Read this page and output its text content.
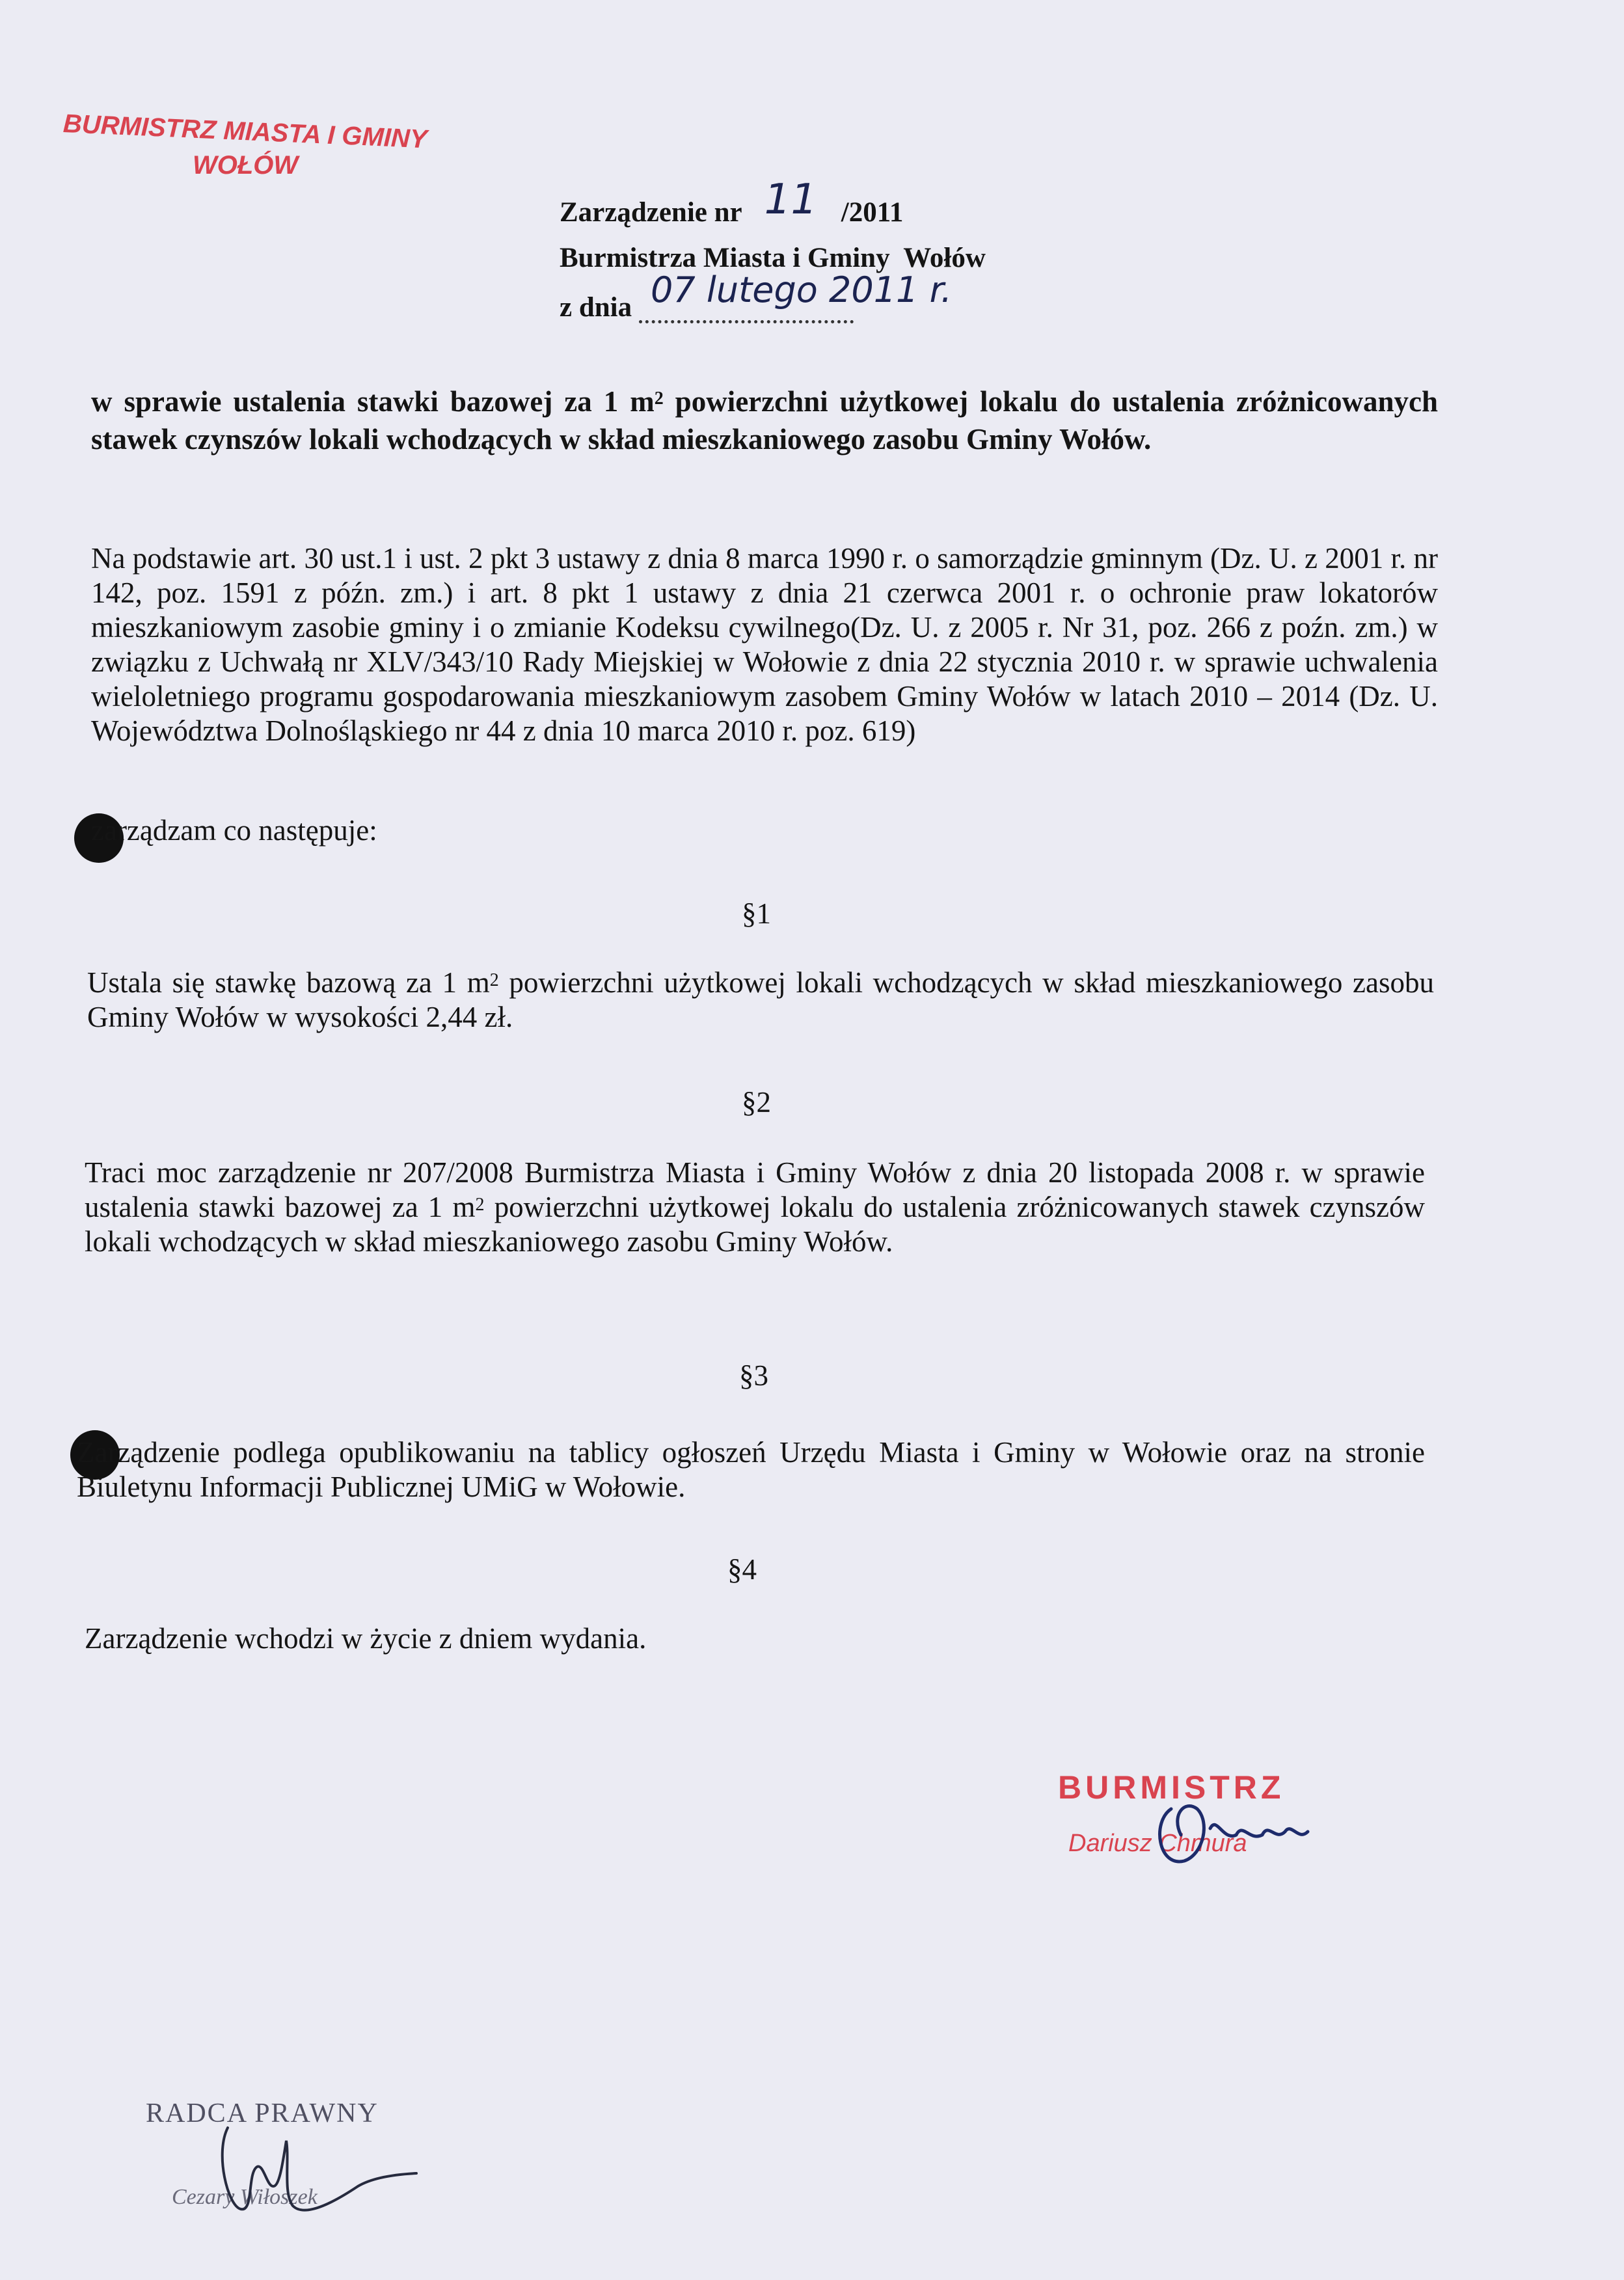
BURMISTRZ MIASTA I GMINY
WOŁÓW
Zarządzenie nr 11 /2011
Burmistrza Miasta i Gminy  Wołów
z dnia 07 lutego 2011 r.
w sprawie ustalenia stawki bazowej za 1 $m^2$ powierzchni użytkowej lokalu do ustalenia zróżnicowanych stawek czynszów lokali wchodzących w skład mieszkaniowego zasobu Gminy Wołów.
Na podstawie art. 30 ust.1 i ust. 2 pkt 3 ustawy z dnia 8 marca 1990 r. o samorządzie gminnym (Dz. U. z 2001 r. nr 142, poz. 1591 z późn. zm.) i art. 8 pkt 1 ustawy z dnia 21 czerwca 2001 r. o ochronie praw lokatorów mieszkaniowym zasobie gminy i o zmianie Kodeksu cywilnego(Dz. U. z 2005 r. Nr 31, poz. 266 z poźn. zm.) w związku z Uchwałą nr XLV/343/10 Rady Miejskiej w Wołowie z dnia 22 stycznia 2010 r. w sprawie uchwalenia wieloletniego programu gospodarowania mieszkaniowym zasobem Gminy Wołów w latach 2010 – 2014 (Dz. U. Województwa Dolnośląskiego nr 44 z dnia 10 marca 2010 r. poz. 619)
zarządzam co następuje:
§1
Ustala się stawkę bazową za 1 $m^2$ powierzchni użytkowej lokali wchodzących w skład mieszkaniowego zasobu Gminy Wołów w wysokości 2,44 zł.
§2
Traci moc zarządzenie nr 207/2008 Burmistrza Miasta i Gminy Wołów z dnia 20 listopada 2008 r. w sprawie ustalenia stawki bazowej za 1 $m^2$ powierzchni użytkowej lokalu do ustalenia zróżnicowanych stawek czynszów lokali wchodzących w skład mieszkaniowego zasobu Gminy Wołów.
§3
Zarządzenie podlega opublikowaniu na tablicy ogłoszeń Urzędu Miasta i Gminy w Wołowie oraz na stronie Biuletynu Informacji Publicznej UMiG w Wołowie.
§4
Zarządzenie wchodzi w życie z dniem wydania.
BURMISTRZ
Dariusz Chmura
RADCA PRAWNY
Cezary Wiłoszek
